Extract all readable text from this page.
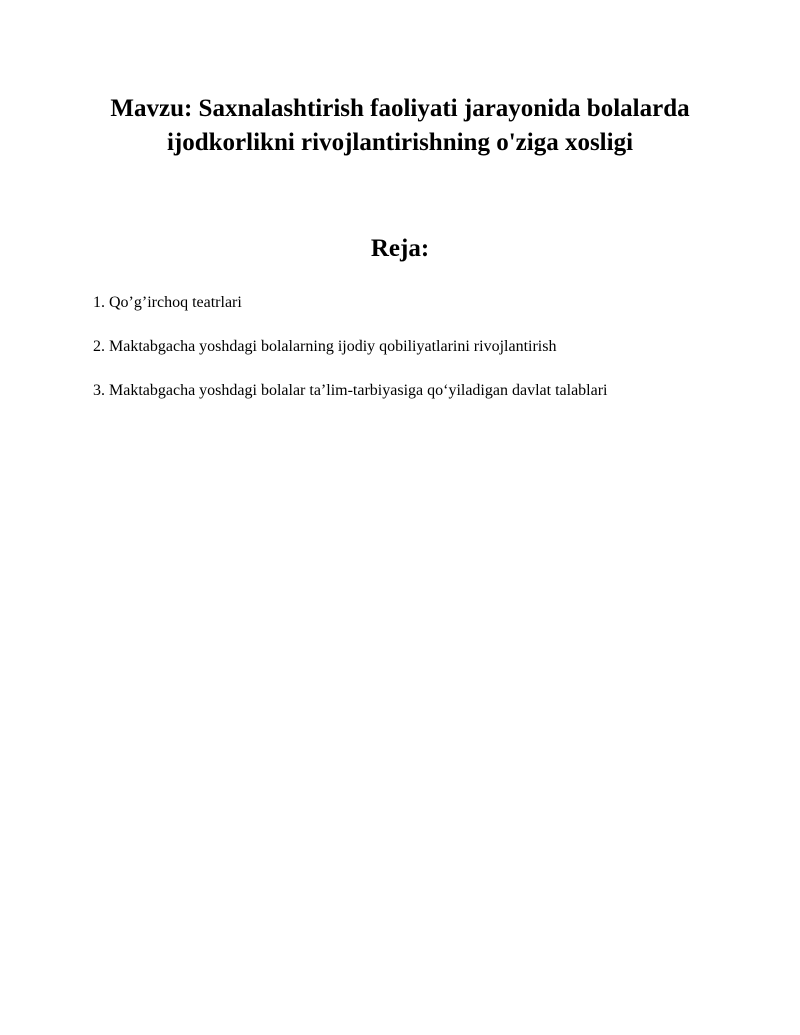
Mavzu: Saxnalashtirish faoliyati jarayonida bolalarda
ijodkorlikni rivojlantirishning o'ziga xosligi
Reja:
1. Qo’g’irchoq teatrlari
2. Maktabgacha yoshdagi bolalarning ijodiy qobiliyatlarini rivojlantirish
3. Maktabgacha yoshdagi bolalar ta’lim-tarbiyasiga qo‘yiladigan davlat talablari
